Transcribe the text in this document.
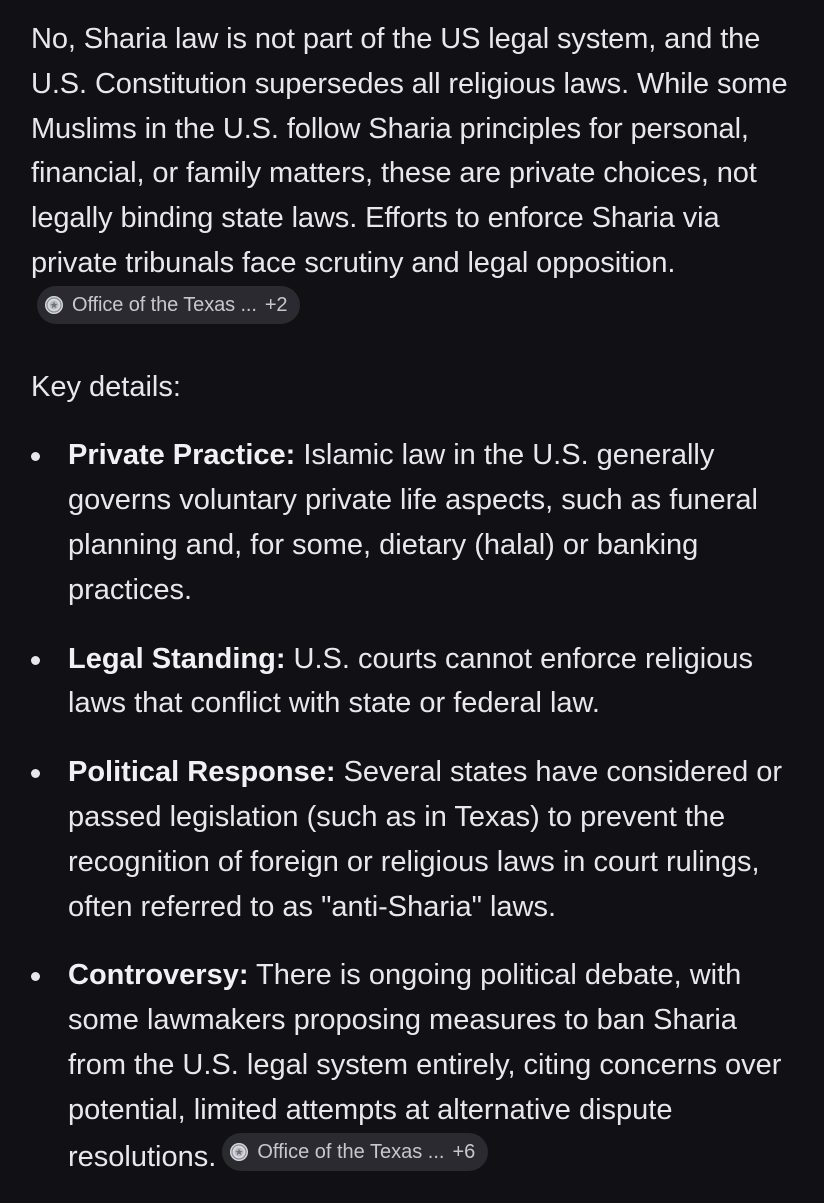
No, Sharia law is not part of the US legal system, and the U.S. Constitution supersedes all religious laws. While some Muslims in the U.S. follow Sharia principles for personal, financial, or family matters, these are private choices, not legally binding state laws. Efforts to enforce Sharia via private tribunals face scrutiny and legal opposition.
Office of the Texas ... +2

Key details:
Private Practice: Islamic law in the U.S. generally governs voluntary private life aspects, such as funeral planning and, for some, dietary (halal) or banking practices.
Legal Standing: U.S. courts cannot enforce religious laws that conflict with state or federal law.
Political Response: Several states have considered or passed legislation (such as in Texas) to prevent the recognition of foreign or religious laws in court rulings, often referred to as "anti-Sharia" laws.
Controversy: There is ongoing political debate, with some lawmakers proposing measures to ban Sharia from the U.S. legal system entirely, citing concerns over potential, limited attempts at alternative dispute resolutions. Office of the Texas ... +6
